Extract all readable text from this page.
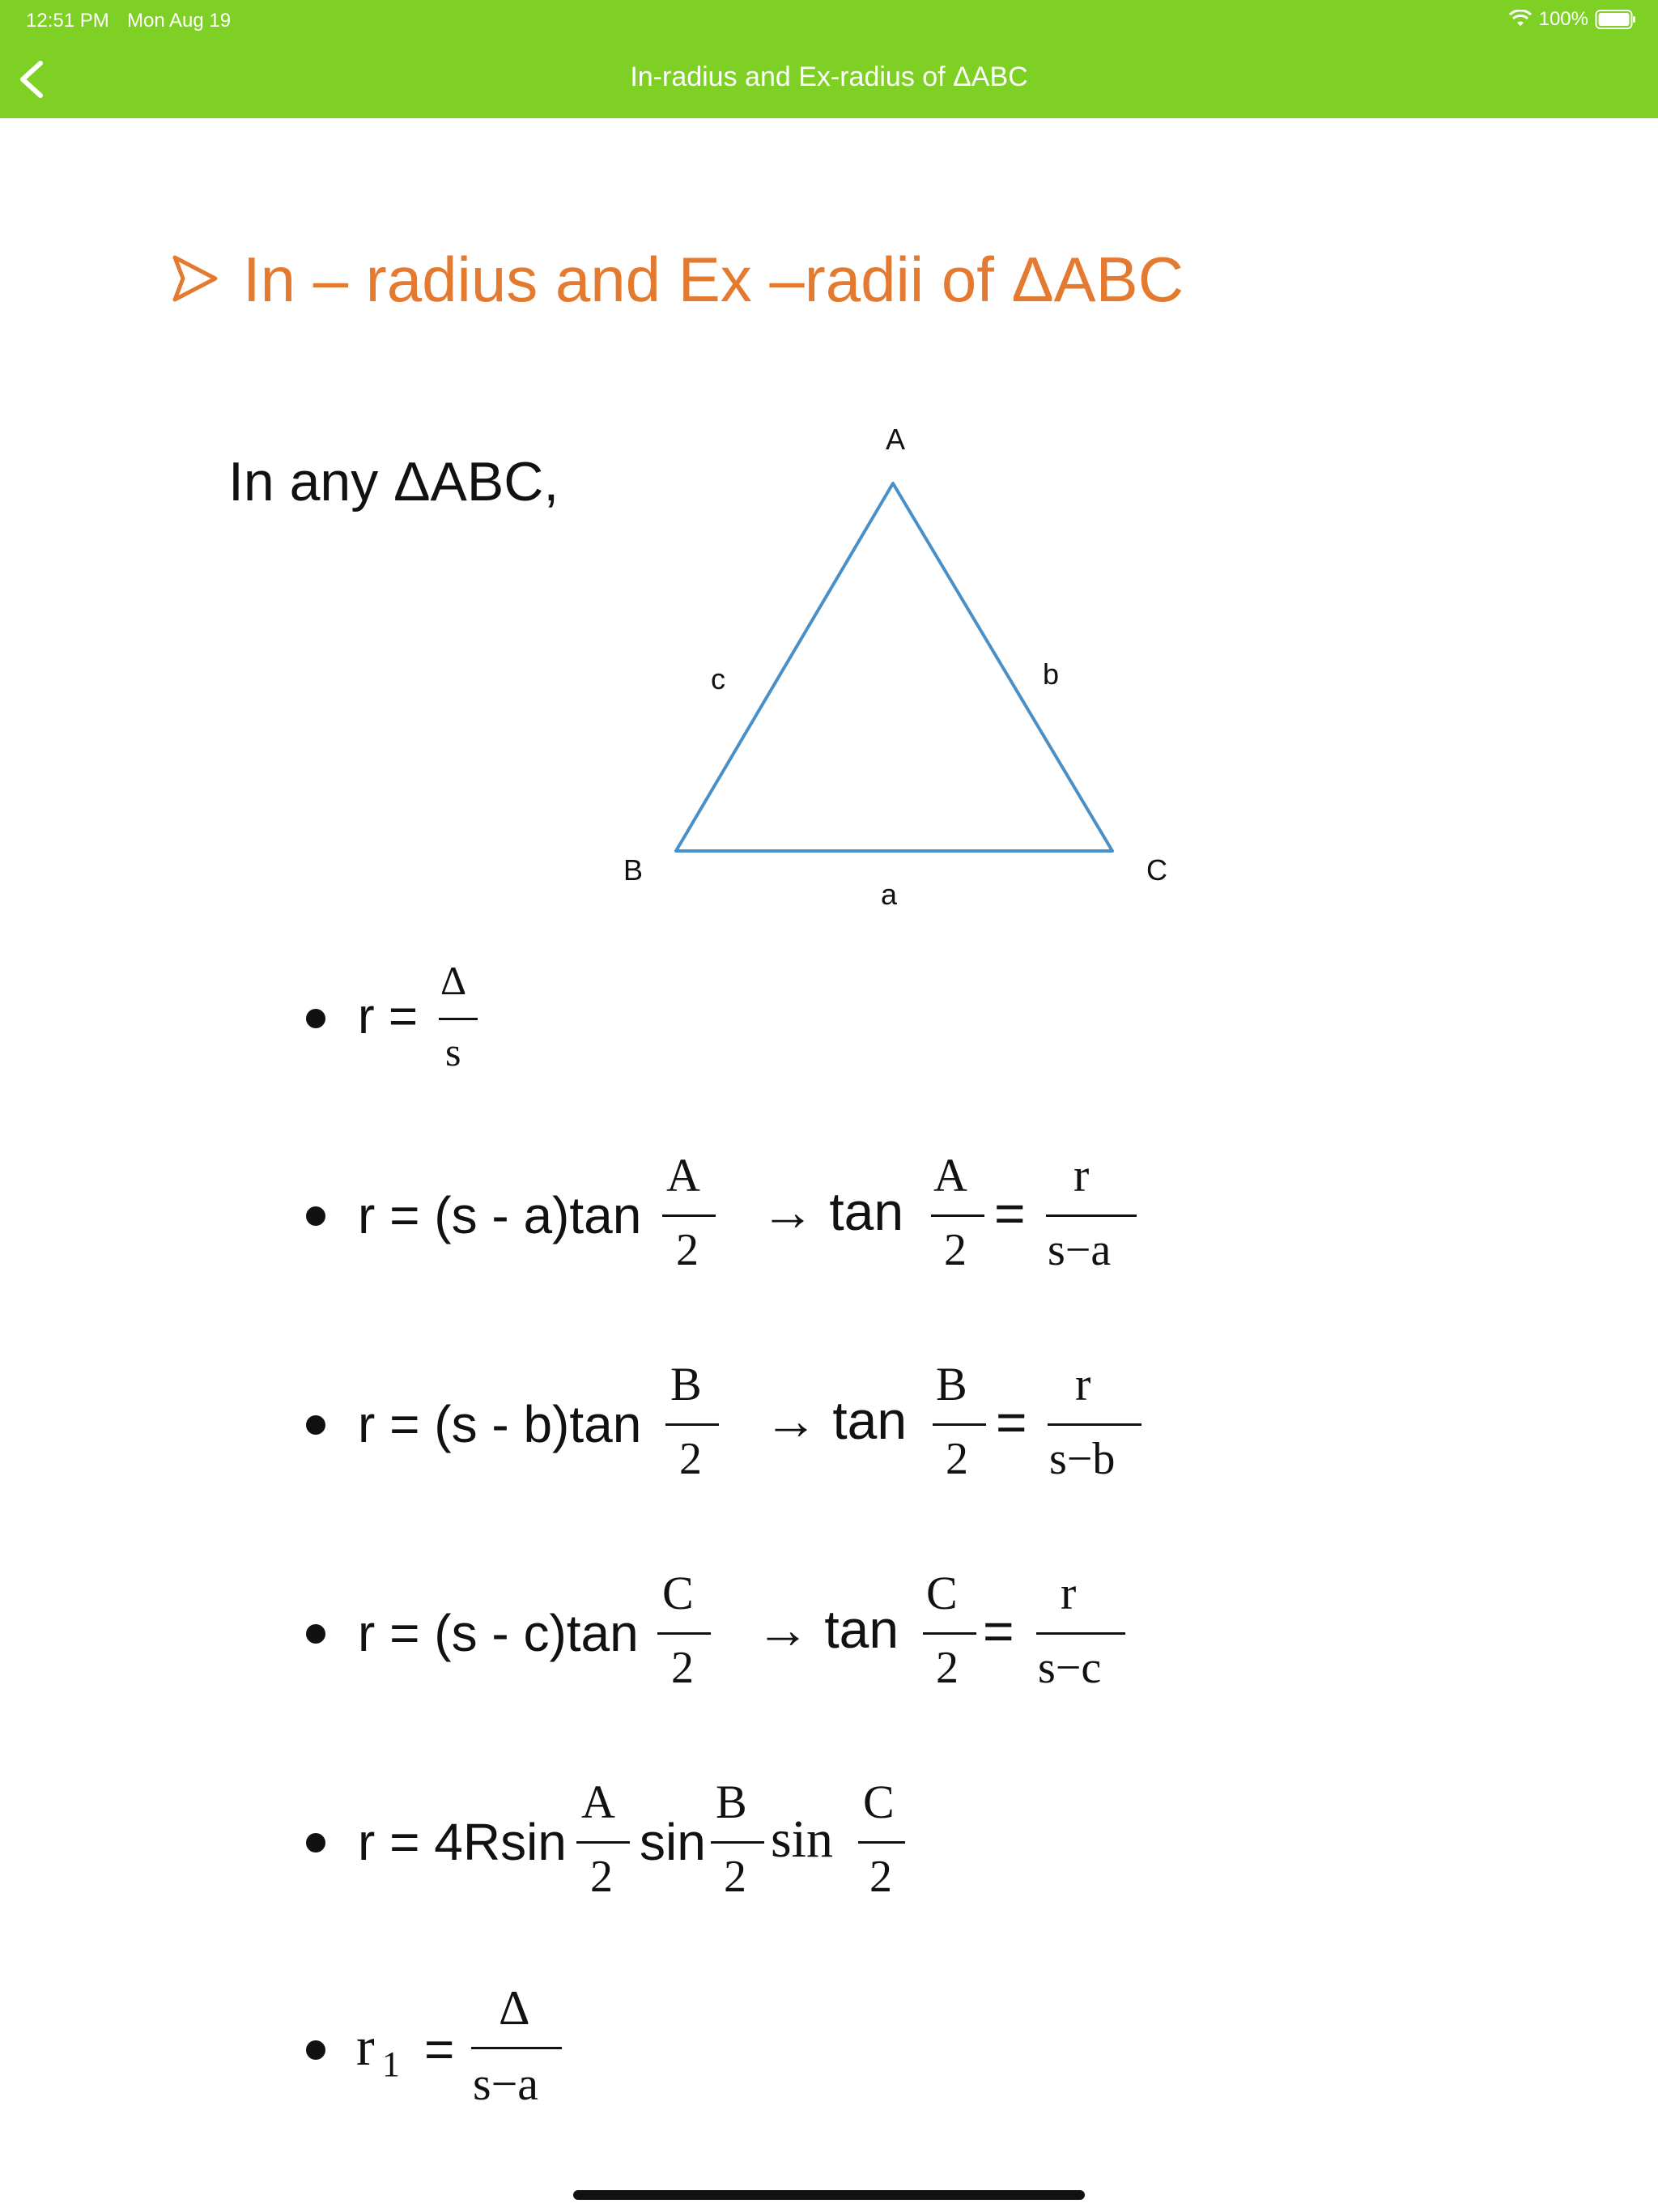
12:51 PM Mon Aug 19	100%
In-radius and Ex-radius of ΔABC
In – radius and Ex –radii of ΔABC
In any ΔABC,
A
B	C
a
b
c
r =
Δ
s
r = (s - a)tan
A
2
→ tan
A
2
=
r
s−a
r = (s - b)tan
B
2
→ tan
B
2
=
r
s−b
r = (s - c)tan
C
2
→ tan
C
2
=
r
s−c
r = 4Rsin
A
2
sin
B
2
sin
C
2
r 1 =
Δ
s−a
